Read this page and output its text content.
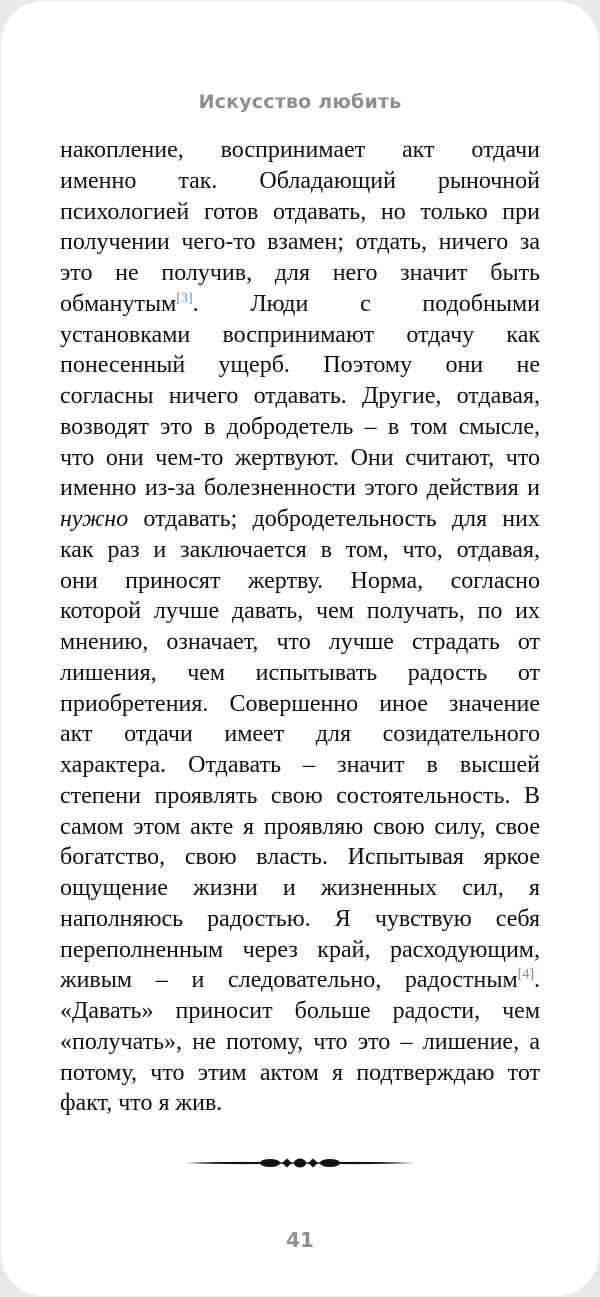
Искусство любить
накопление, воспринимает акт отдачи
именно так. Обладающий рыночной
психологией готов отдавать, но только при
получении чего-то взамен; отдать, ничего за
это не получив, для него значит быть
обманутым[3]. Люди с подобными
установками воспринимают отдачу как
понесенный ущерб. Поэтому они не
согласны ничего отдавать. Другие, отдавая,
возводят это в добродетель – в том смысле,
что они чем-то жертвуют. Они считают, что
именно из-за болезненности этого действия и
нужно отдавать; добродетельность для них
как раз и заключается в том, что, отдавая,
они приносят жертву. Норма, согласно
которой лучше давать, чем получать, по их
мнению, означает, что лучше страдать от
лишения, чем испытывать радость от
приобретения. Совершенно иное значение
акт отдачи имеет для созидательного
характера. Отдавать – значит в высшей
степени проявлять свою состоятельность. В
самом этом акте я проявляю свою силу, свое
богатство, свою власть. Испытывая яркое
ощущение жизни и жизненных сил, я
наполняюсь радостью. Я чувствую себя
переполненным через край, расходующим,
живым – и следовательно, радостным[4].
«Давать» приносит больше радости, чем
«получать», не потому, что это – лишение, а
потому, что этим актом я подтверждаю тот
факт, что я жив.
41
